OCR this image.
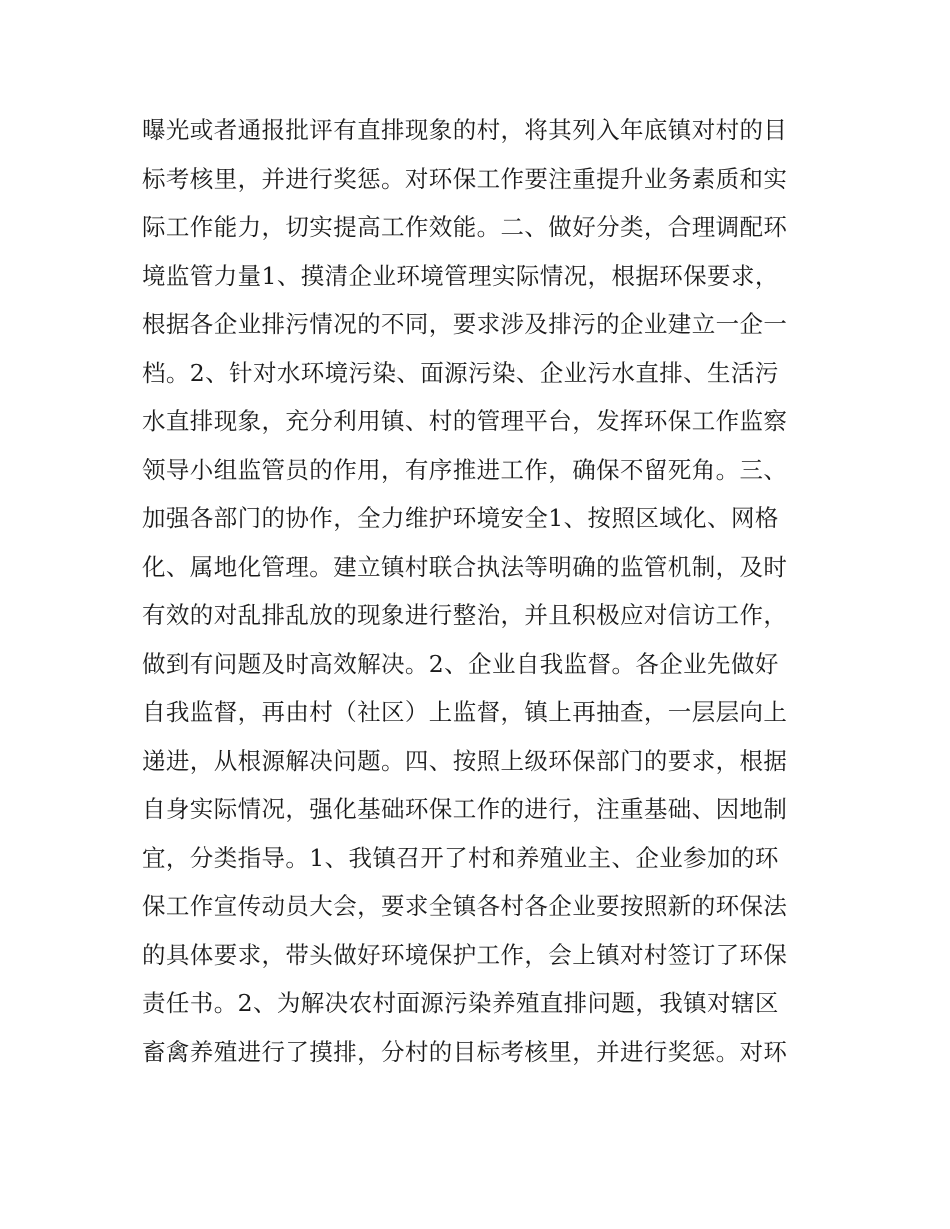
曝光或者通报批评有直排现象的村，将其列入年底镇对村的目
标考核里，并进行奖惩。对环保工作要注重提升业务素质和实
际工作能力，切实提高工作效能。二、做好分类，合理调配环
境监管力量1、摸清企业环境管理实际情况，根据环保要求，
根据各企业排污情况的不同，要求涉及排污的企业建立一企一
档。2、针对水环境污染、面源污染、企业污水直排、生活污
水直排现象，充分利用镇、村的管理平台，发挥环保工作监察
领导小组监管员的作用，有序推进工作，确保不留死角。三、
加强各部门的协作，全力维护环境安全1、按照区域化、网格
化、属地化管理。建立镇村联合执法等明确的监管机制，及时
有效的对乱排乱放的现象进行整治，并且积极应对信访工作，
做到有问题及时高效解决。2、企业自我监督。各企业先做好
自我监督，再由村（社区）上监督，镇上再抽查，一层层向上
递进，从根源解决问题。四、按照上级环保部门的要求，根据
自身实际情况，强化基础环保工作的进行，注重基础、因地制
宜，分类指导。1、我镇召开了村和养殖业主、企业参加的环
保工作宣传动员大会，要求全镇各村各企业要按照新的环保法
的具体要求，带头做好环境保护工作，会上镇对村签订了环保
责任书。2、为解决农村面源污染养殖直排问题，我镇对辖区
畜禽养殖进行了摸排，分村的目标考核里，并进行奖惩。对环
